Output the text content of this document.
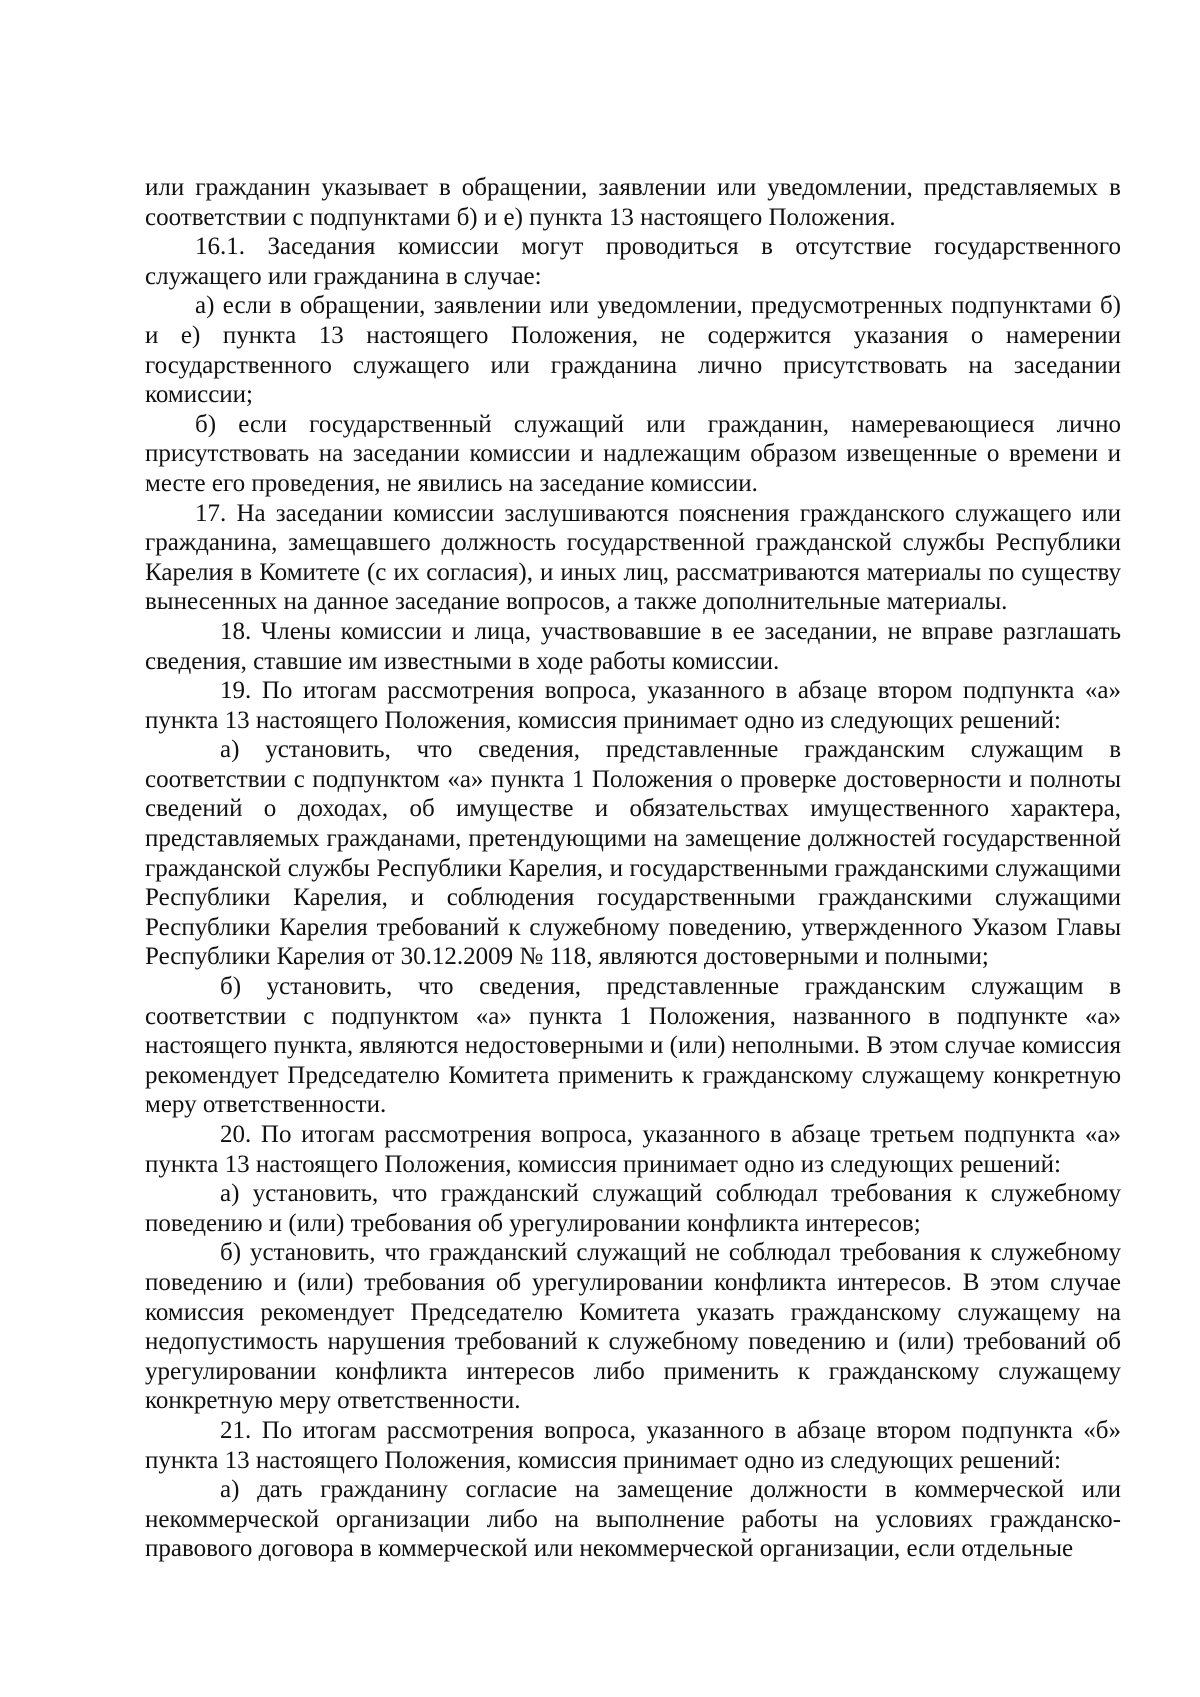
или гражданин указывает в обращении, заявлении или уведомлении, представляемых в соответствии с подпунктами б) и е) пункта 13 настоящего Положения.

16.1. Заседания комиссии могут проводиться в отсутствие государственного служащего или гражданина в случае:

а) если в обращении, заявлении или уведомлении, предусмотренных подпунктами б) и е) пункта 13 настоящего Положения, не содержится указания о намерении государственного служащего или гражданина лично присутствовать на заседании комиссии;

б) если государственный служащий или гражданин, намеревающиеся лично присутствовать на заседании комиссии и надлежащим образом извещенные о времени и месте его проведения, не явились на заседание комиссии.

17. На заседании комиссии заслушиваются пояснения гражданского служащего или гражданина, замещавшего должность государственной гражданской службы Республики Карелия в Комитете (с их согласия), и иных лиц, рассматриваются материалы по существу вынесенных на данное заседание вопросов, а также дополнительные материалы.

18. Члены комиссии и лица, участвовавшие в ее заседании, не вправе разглашать сведения, ставшие им известными в ходе работы комиссии.

19. По итогам рассмотрения вопроса, указанного в абзаце втором подпункта «а» пункта 13 настоящего Положения, комиссия принимает одно из следующих решений:

а) установить, что сведения, представленные гражданским служащим в соответствии с подпунктом «а» пункта 1 Положения о проверке достоверности и полноты сведений о доходах, об имуществе и обязательствах имущественного характера, представляемых гражданами, претендующими на замещение должностей государственной гражданской службы Республики Карелия, и государственными гражданскими служащими Республики Карелия, и соблюдения государственными гражданскими служащими Республики Карелия требований к служебному поведению, утвержденного Указом Главы Республики Карелия от 30.12.2009 № 118, являются достоверными и полными;

б) установить, что сведения, представленные гражданским служащим в соответствии с подпунктом «а» пункта 1 Положения, названного в подпункте «а» настоящего пункта, являются недостоверными и (или) неполными. В этом случае комиссия рекомендует Председателю Комитета применить к гражданскому служащему конкретную меру ответственности.

20. По итогам рассмотрения вопроса, указанного в абзаце третьем подпункта «а» пункта 13 настоящего Положения, комиссия принимает одно из следующих решений:

а) установить, что гражданский служащий соблюдал требования к служебному поведению и (или) требования об урегулировании конфликта интересов;

б) установить, что гражданский служащий не соблюдал требования к служебному поведению и (или) требования об урегулировании конфликта интересов. В этом случае комиссия рекомендует Председателю Комитета указать гражданскому служащему на недопустимость нарушения требований к служебному поведению и (или) требований об урегулировании конфликта интересов либо применить к гражданскому служащему конкретную меру ответственности.

21. По итогам рассмотрения вопроса, указанного в абзаце втором подпункта «б» пункта 13 настоящего Положения, комиссия принимает одно из следующих решений:

а) дать гражданину согласие на замещение должности в коммерческой или некоммерческой организации либо на выполнение работы на условиях гражданско-правового договора в коммерческой или некоммерческой организации, если отдельные
